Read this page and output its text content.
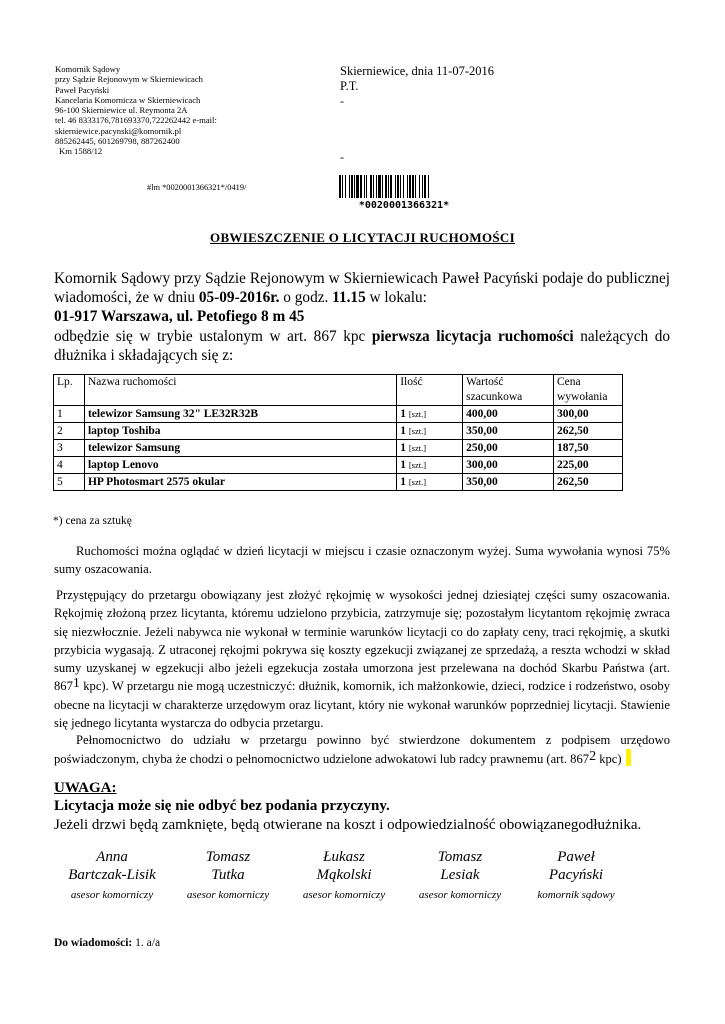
Komornik Sądowy
przy Sądzie Rejonowym w Skierniewicach
Paweł Pacyński
Kancelaria Komornicza w Skierniewicach
96-100 Skierniewice ul. Reymonta 2A
tel. 46 8333176,781693370,722262442 e-mail:
skierniewice.pacynski@komornik.pl
885262445, 601269798, 887262400
Km 1588/12
Skierniewice, dnia 11-07-2016
P.T.
-
-
#lm *0020001366321*/0419/
*0020001366321*
OBWIESZCZENIE O LICYTACJI RUCHOMOŚCI
Komornik Sądowy przy Sądzie Rejonowym w Skierniewicach Paweł Pacyński podaje do publicznej wiadomości, że w dniu 05-09-2016r. o godz. 11.15 w lokalu:
01-917 Warszawa, ul. Petofiego 8 m 45
odbędzie się w trybie ustalonym w art. 867 kpc pierwsza licytacja ruchomości należących do dłużnika i składających się z:
Lp.	Nazwa ruchomości	Ilość	Wartość szacunkowa	Cena wywołania
1	telewizor Samsung 32" LE32R32B	1 [szt.]	400,00	300,00
2	laptop Toshiba	1 [szt.]	350,00	262,50
3	telewizor Samsung	1 [szt.]	250,00	187,50
4	laptop Lenovo	1 [szt.]	300,00	225,00
5	HP Photosmart 2575 okular	1 [szt.]	350,00	262,50
*) cena za sztukę
Ruchomości można oglądać w dzień licytacji w miejscu i czasie oznaczonym wyżej. Suma wywołania wynosi 75% sumy oszacowania.
Przystępujący do przetargu obowiązany jest złożyć rękojmię w wysokości jednej dziesiątej części sumy oszacowania. Rękojmię złożoną przez licytanta, któremu udzielono przybicia, zatrzymuje się; pozostałym licytantom rękojmię zwraca się niezwłocznie. Jeżeli nabywca nie wykonał w terminie warunków licytacji co do zapłaty ceny, traci rękojmię, a skutki przybicia wygasają. Z utraconej rękojmi pokrywa się koszty egzekucji związanej ze sprzedażą, a reszta wchodzi w skład sumy uzyskanej w egzekucji albo jeżeli egzekucja została umorzona jest przelewana na dochód Skarbu Państwa (art. $867^1$ kpc). W przetargu nie mogą uczestniczyć: dłużnik, komornik, ich małżonkowie, dzieci, rodzice i rodzeństwo, osoby obecne na licytacji w charakterze urzędowym oraz licytant, który nie wykonał warunków poprzedniej licytacji. Stawienie się jednego licytanta wystarcza do odbycia przetargu.
Pełnomocnictwo do udziału w przetargu powinno być stwierdzone dokumentem z podpisem urzędowo poświadczonym, chyba że chodzi o pełnomocnictwo udzielone adwokatowi lub radcy prawnemu (art. $867^2$ kpc)
UWAGA:
Licytacja może się nie odbyć bez podania przyczyny.
Jeżeli drzwi będą zamknięte, będą otwierane na koszt i odpowiedzialność obowiązanegodłużnika.
Anna
Bartczak-Lisik
asesor komorniczy
Tomasz
Tutka
asesor komorniczy
Łukasz
Mąkolski
asesor komorniczy
Tomasz
Lesiak
asesor komorniczy
Paweł
Pacyński
komornik sądowy
Do wiadomości: 1. a/a
